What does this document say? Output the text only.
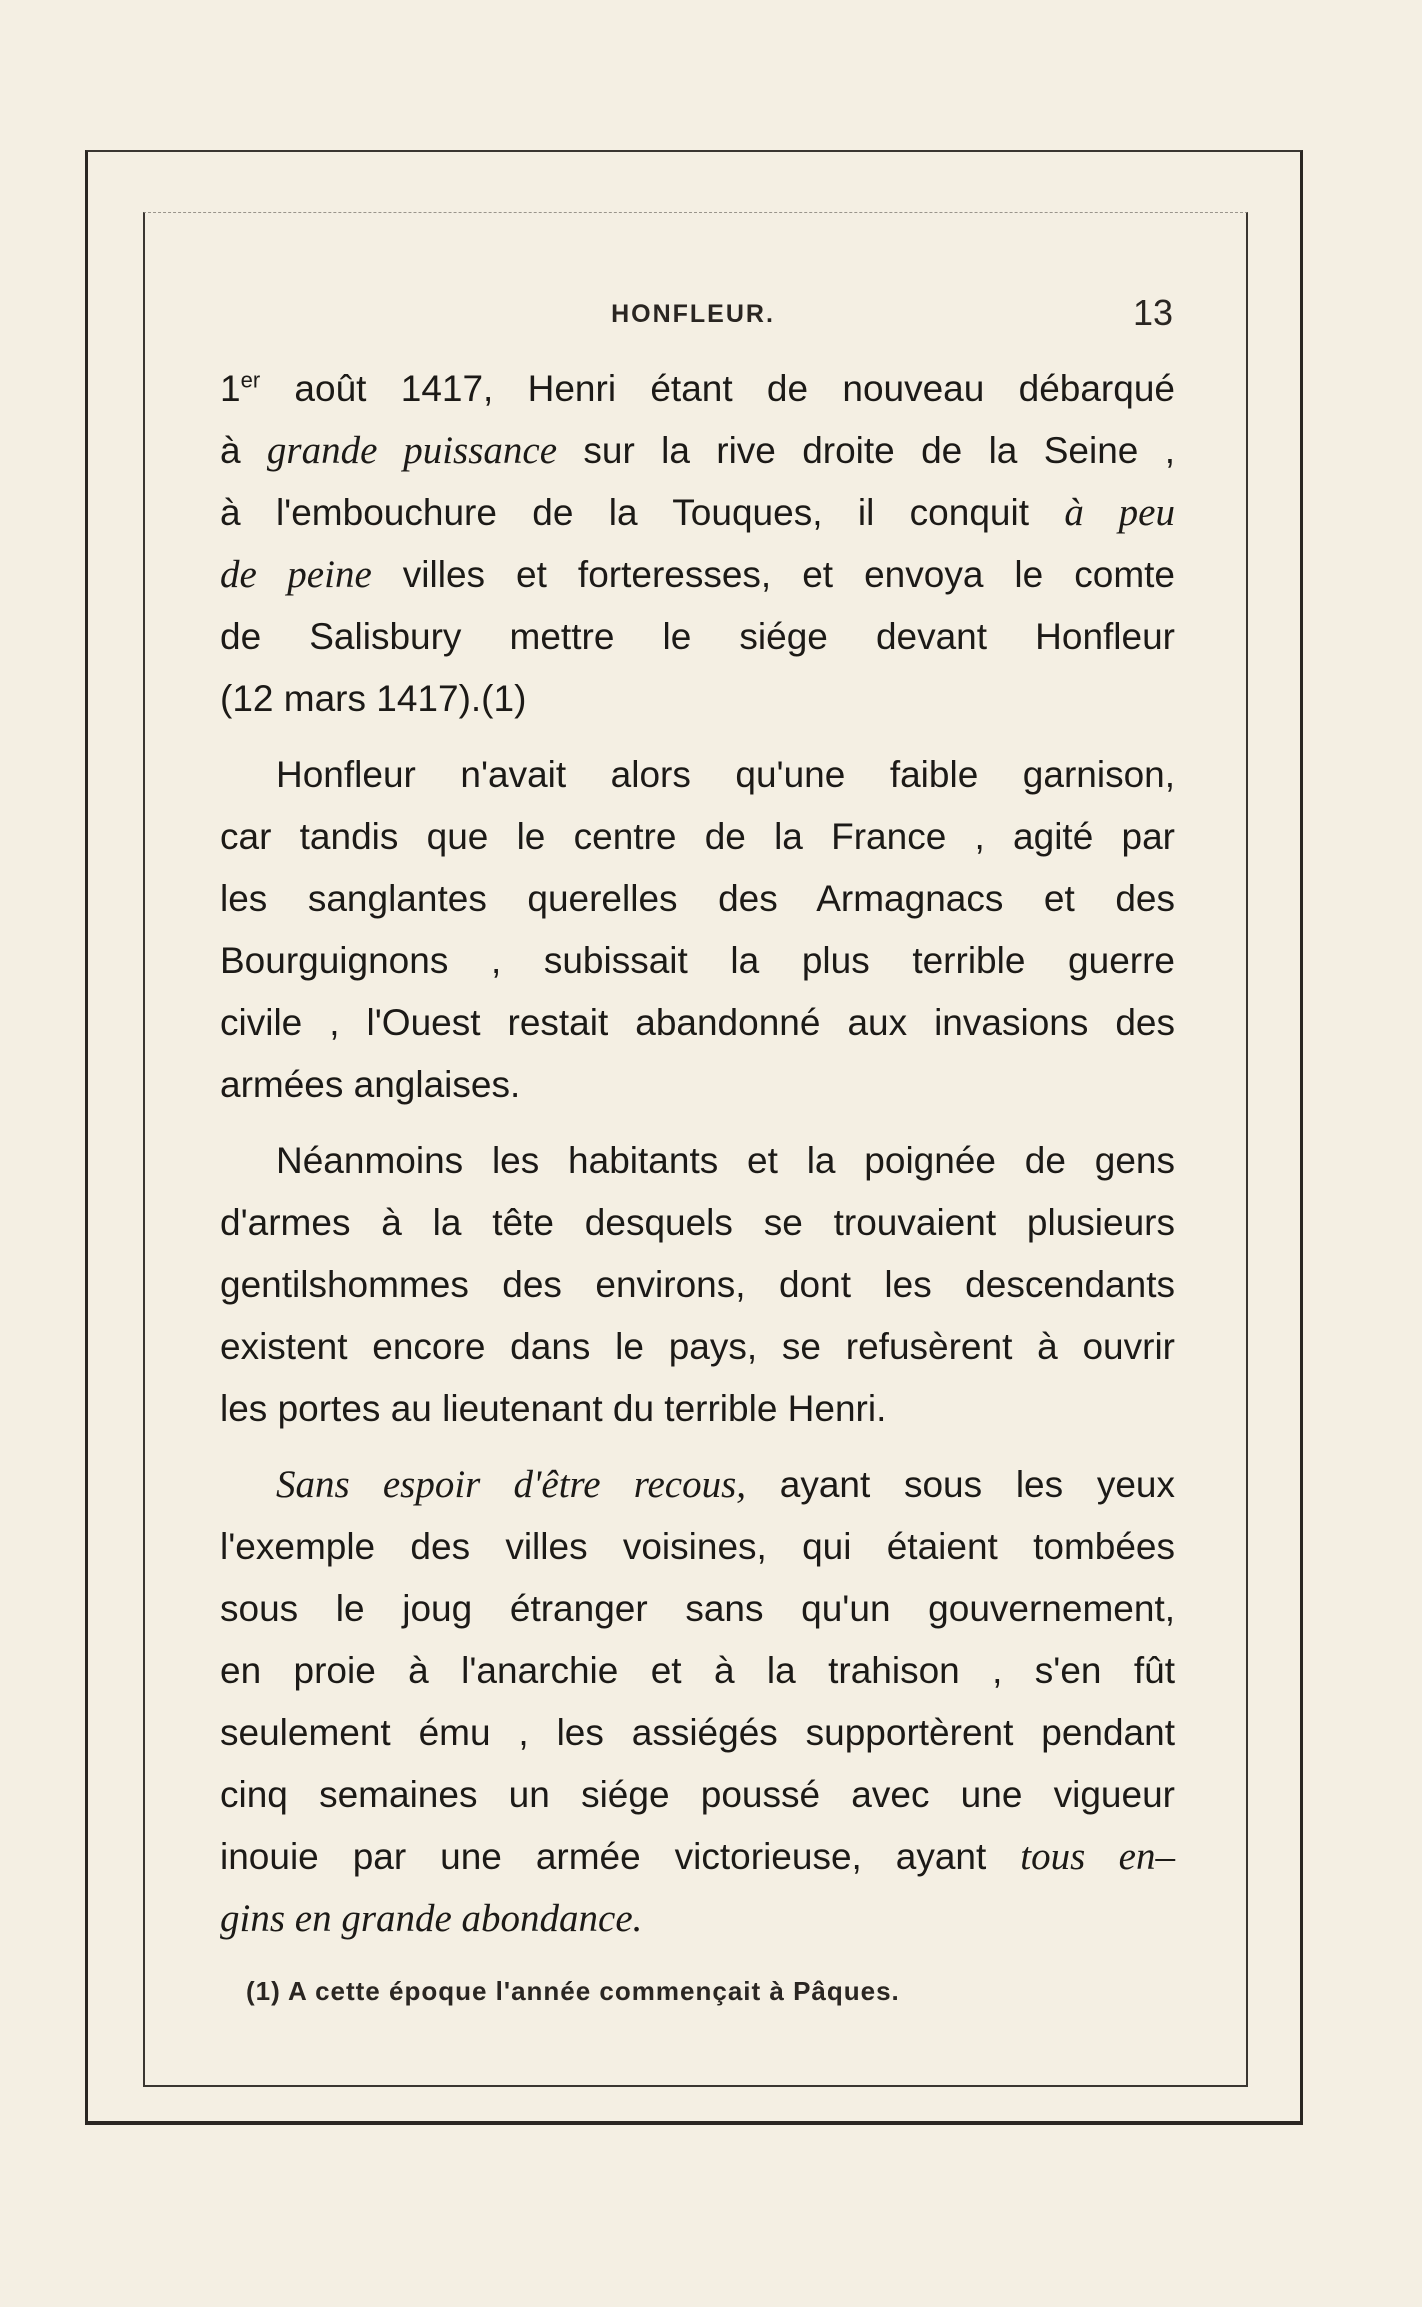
HONFLEUR.	13
1er août 1417, Henri étant de nouveau débarqué
à grande puissance sur la rive droite de la Seine ,
à l'embouchure de la Touques, il conquit à peu
de peine villes et forteresses, et envoya le comte
de Salisbury mettre le siége devant Honfleur
(12 mars 1417).(1)
Honfleur n'avait alors qu'une faible garnison,
car tandis que le centre de la France , agité par
les sanglantes querelles des Armagnacs et des
Bourguignons , subissait la plus terrible guerre
civile , l'Ouest restait abandonné aux invasions des
armées anglaises.
Néanmoins les habitants et la poignée de gens
d'armes à la tête desquels se trouvaient plusieurs
gentilshommes des environs, dont les descendants
existent encore dans le pays, se refusèrent à ouvrir
les portes au lieutenant du terrible Henri.
Sans espoir d'être recous, ayant sous les yeux
l'exemple des villes voisines, qui étaient tombées
sous le joug étranger sans qu'un gouvernement,
en proie à l'anarchie et à la trahison , s'en fût
seulement ému , les assiégés supportèrent pendant
cinq semaines un siége poussé avec une vigueur
inouie par une armée victorieuse, ayant tous en–
gins en grande abondance.
(1) A cette époque l'année commençait à Pâques.
